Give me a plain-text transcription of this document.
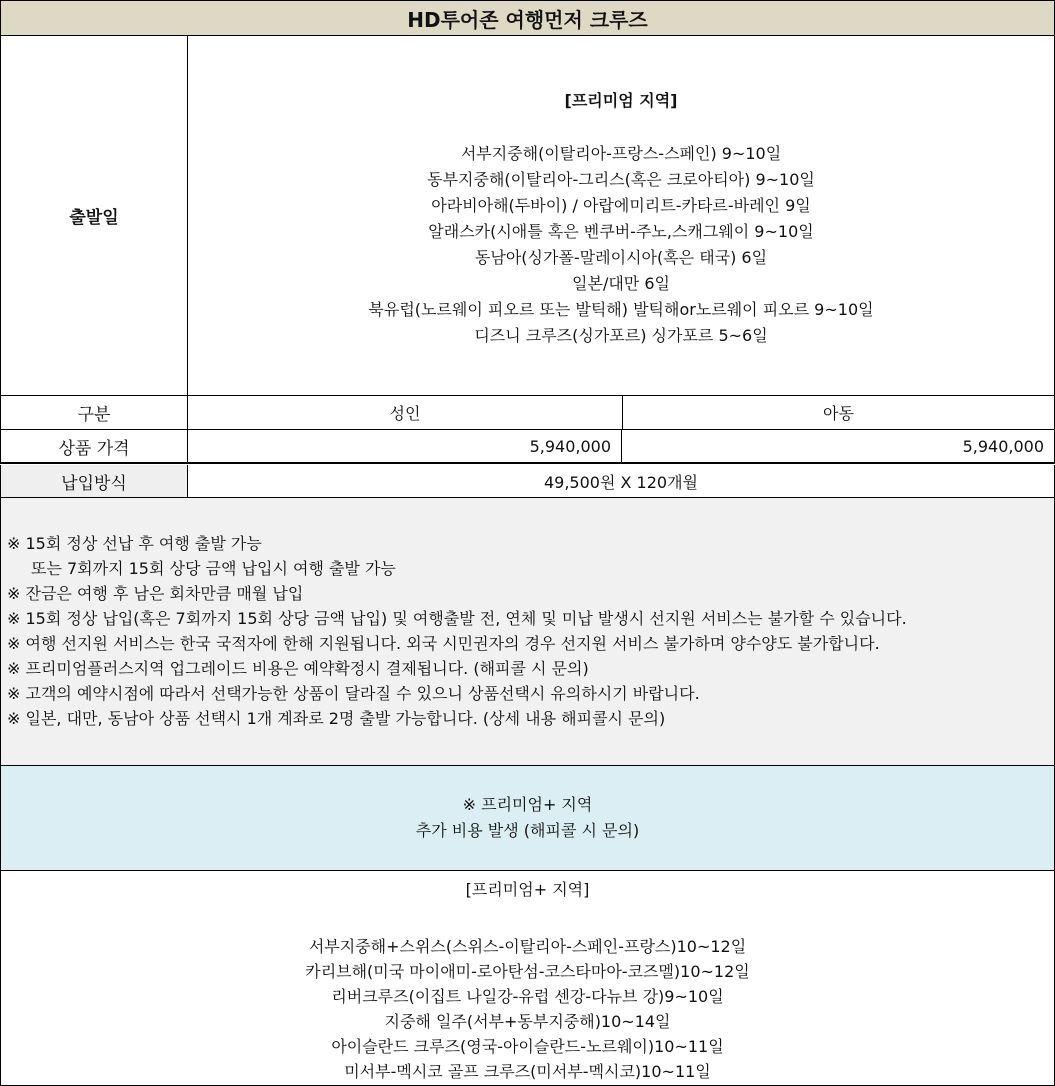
HD투어존 여행먼저 크루즈
출발일
[프리미엄 지역]
서부지중해(이탈리아-프랑스-스페인) 9~10일
동부지중해(이탈리아-그리스(혹은 크로아티아) 9~10일
아라비아해(두바이) / 아랍에미리트-카타르-바레인 9일
알래스카(시애틀 혹은 벤쿠버-주노,스캐그웨이 9~10일
동남아(싱가폴-말레이시아(혹은 태국) 6일
일본/대만 6일
북유럽(노르웨이 피오르 또는 발틱해) 발틱해or노르웨이 피오르 9~10일
디즈니 크루즈(싱가포르) 싱가포르 5~6일
구분	성인	아동
상품 가격	5,940,000	5,940,000
납입방식	49,500원 X 120개월
※ 15회 정상 선납 후 여행 출발 가능
또는 7회까지 15회 상당 금액 납입시 여행 출발 가능
※ 잔금은 여행 후 남은 회차만큼 매월 납입
※ 15회 정상 납입(혹은 7회까지 15회 상당 금액 납입) 및 여행출발 전, 연체 및 미납 발생시 선지원 서비스는 불가할 수 있습니다.
※ 여행 선지원 서비스는 한국 국적자에 한해 지원됩니다. 외국 시민권자의 경우 선지원 서비스 불가하며 양수양도 불가합니다.
※ 프리미엄플러스지역 업그레이드 비용은 예약확정시 결제됩니다. (해피콜 시 문의)
※ 고객의 예약시점에 따라서 선택가능한 상품이 달라질 수 있으니 상품선택시 유의하시기 바랍니다.
※ 일본, 대만, 동남아 상품 선택시 1개 계좌로 2명 출발 가능합니다. (상세 내용 해피콜시 문의)
※ 프리미엄+ 지역
추가 비용 발생 (해피콜 시 문의)
[프리미엄+ 지역]
서부지중해+스위스(스위스-이탈리아-스페인-프랑스)10~12일
카리브해(미국 마이애미-로아탄섬-코스타마아-코즈멜)10~12일
리버크루즈(이집트 나일강-유럽 센강-다뉴브 강)9~10일
지중해 일주(서부+동부지중해)10~14일
아이슬란드 크루즈(영국-아이슬란드-노르웨이)10~11일
미서부-멕시코 골프 크루즈(미서부-멕시코)10~11일
